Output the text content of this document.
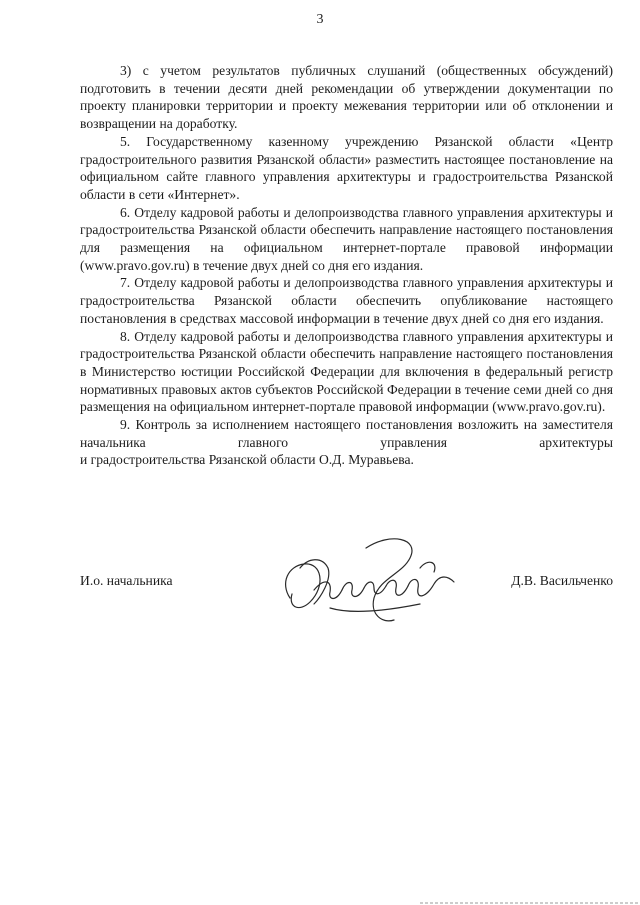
3

3) с учетом результатов публичных слушаний (общественных обсуждений) подготовить в течении десяти дней рекомендации об утверждении документации по проекту планировки территории и проекту межевания территории или об отклонении и возвращении на доработку.

5. Государственному казенному учреждению Рязанской области «Центр градостроительного развития Рязанской области» разместить настоящее постановление на официальном сайте главного управления архитектуры и градостроительства Рязанской области в сети «Интернет».

6. Отделу кадровой работы и делопроизводства главного управления архитектуры и градостроительства Рязанской области обеспечить направление настоящего постановления для размещения на официальном интернет-портале правовой информации (www.pravo.gov.ru) в течение двух дней со дня его издания.

7. Отделу кадровой работы и делопроизводства главного управления архитектуры и градостроительства Рязанской области обеспечить опубликование настоящего постановления в средствах массовой информации в течение двух дней со дня его издания.

8. Отделу кадровой работы и делопроизводства главного управления архитектуры и градостроительства Рязанской области обеспечить направление настоящего постановления в Министерство юстиции Российской Федерации для включения в федеральный регистр нормативных правовых актов субъектов Российской Федерации в течение семи дней со дня размещения на официальном интернет-портале правовой информации (www.pravo.gov.ru).

9. Контроль за исполнением настоящего постановления возложить на заместителя начальника главного управления архитектуры

и градостроительства Рязанской области О.Д. Муравьева.

И.о. начальника	Д.В. Васильченко
